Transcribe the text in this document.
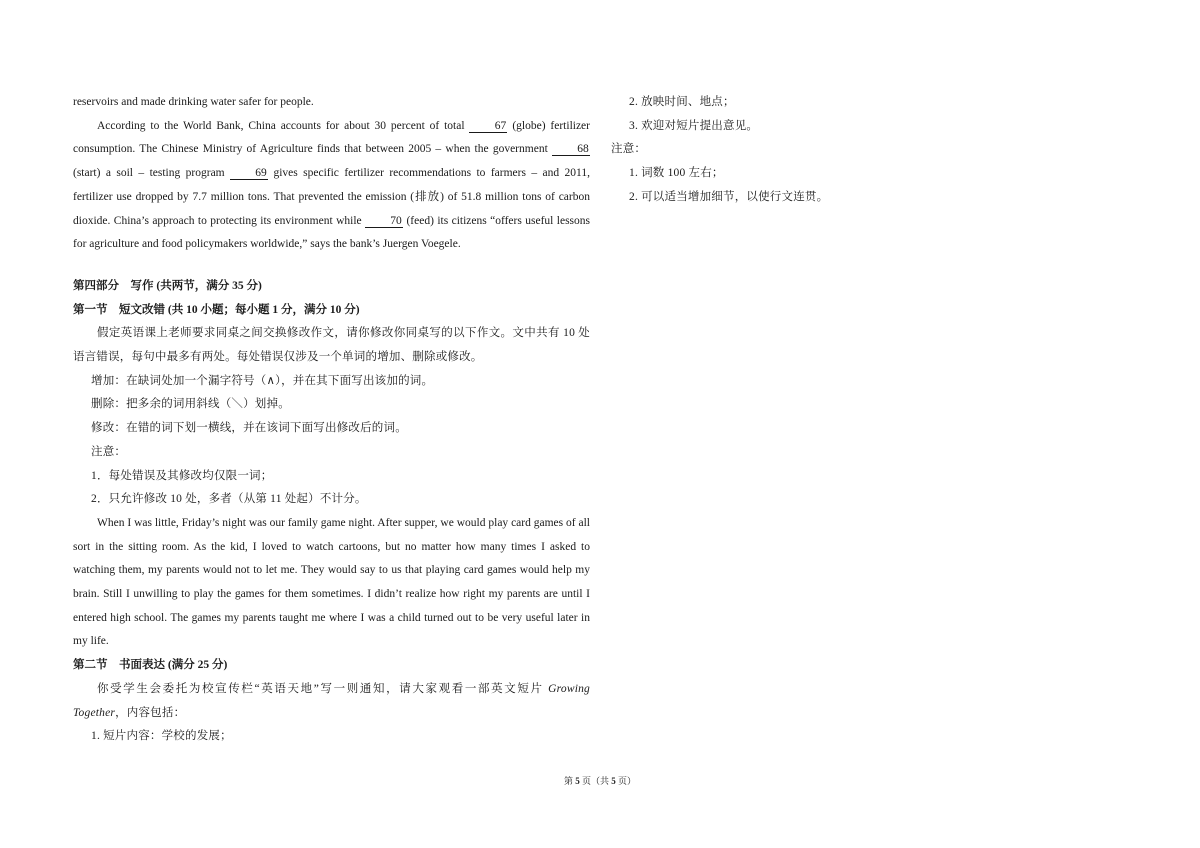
reservoirs and made drinking water safer for people.

According to the World Bank, China accounts for about 30 percent of total 67 (globe) fertilizer consumption. The Chinese Ministry of Agriculture finds that between 2005 – when the government 68 (start) a soil – testing program 69 gives specific fertilizer recommendations to farmers – and 2011, fertilizer use dropped by 7.7 million tons. That prevented the emission (排放) of 51.8 million tons of carbon dioxide. China’s approach to protecting its environment while 70 (feed) its citizens “offers useful lessons for agriculture and food policymakers worldwide,” says the bank’s Juergen Voegele.

第四部分　写作 (共两节，满分 35 分)

第一节　短文改错 (共 10 小题；每小题 1 分，满分 10 分)

假定英语课上老师要求同桌之间交换修改作文，请你修改你同桌写的以下作文。文中共有 10 处语言错误，每句中最多有两处。每处错误仅涉及一个单词的增加、删除或修改。

增加：在缺词处加一个漏字符号（∧），并在其下面写出该加的词。

删除：把多余的词用斜线（＼）划掉。

修改：在错的词下划一横线，并在该词下面写出修改后的词。

注意：

1．每处错误及其修改均仅限一词；

2．只允许修改 10 处，多者（从第 11 处起）不计分。

When I was little, Friday’s night was our family game night. After supper, we would play card games of all sort in the sitting room. As the kid, I loved to watch cartoons, but no matter how many times I asked to watching them, my parents would not to let me. They would say to us that playing card games would help my brain. Still I unwilling to play the games for them sometimes. I didn’t realize how right my parents are until I entered high school. The games my parents taught me where I was a child turned out to be very useful later in my life.

第二节　书面表达 (满分 25 分)

你受学生会委托为校宣传栏“英语天地”写一则通知，请大家观看一部英文短片 Growing Together，内容包括：

1. 短片内容：学校的发展；

2. 放映时间、地点；

3. 欢迎对短片提出意见。

注意：

1. 词数 100 左右；

2. 可以适当增加细节，以使行文连贯。

第 5 页（共 5 页）
